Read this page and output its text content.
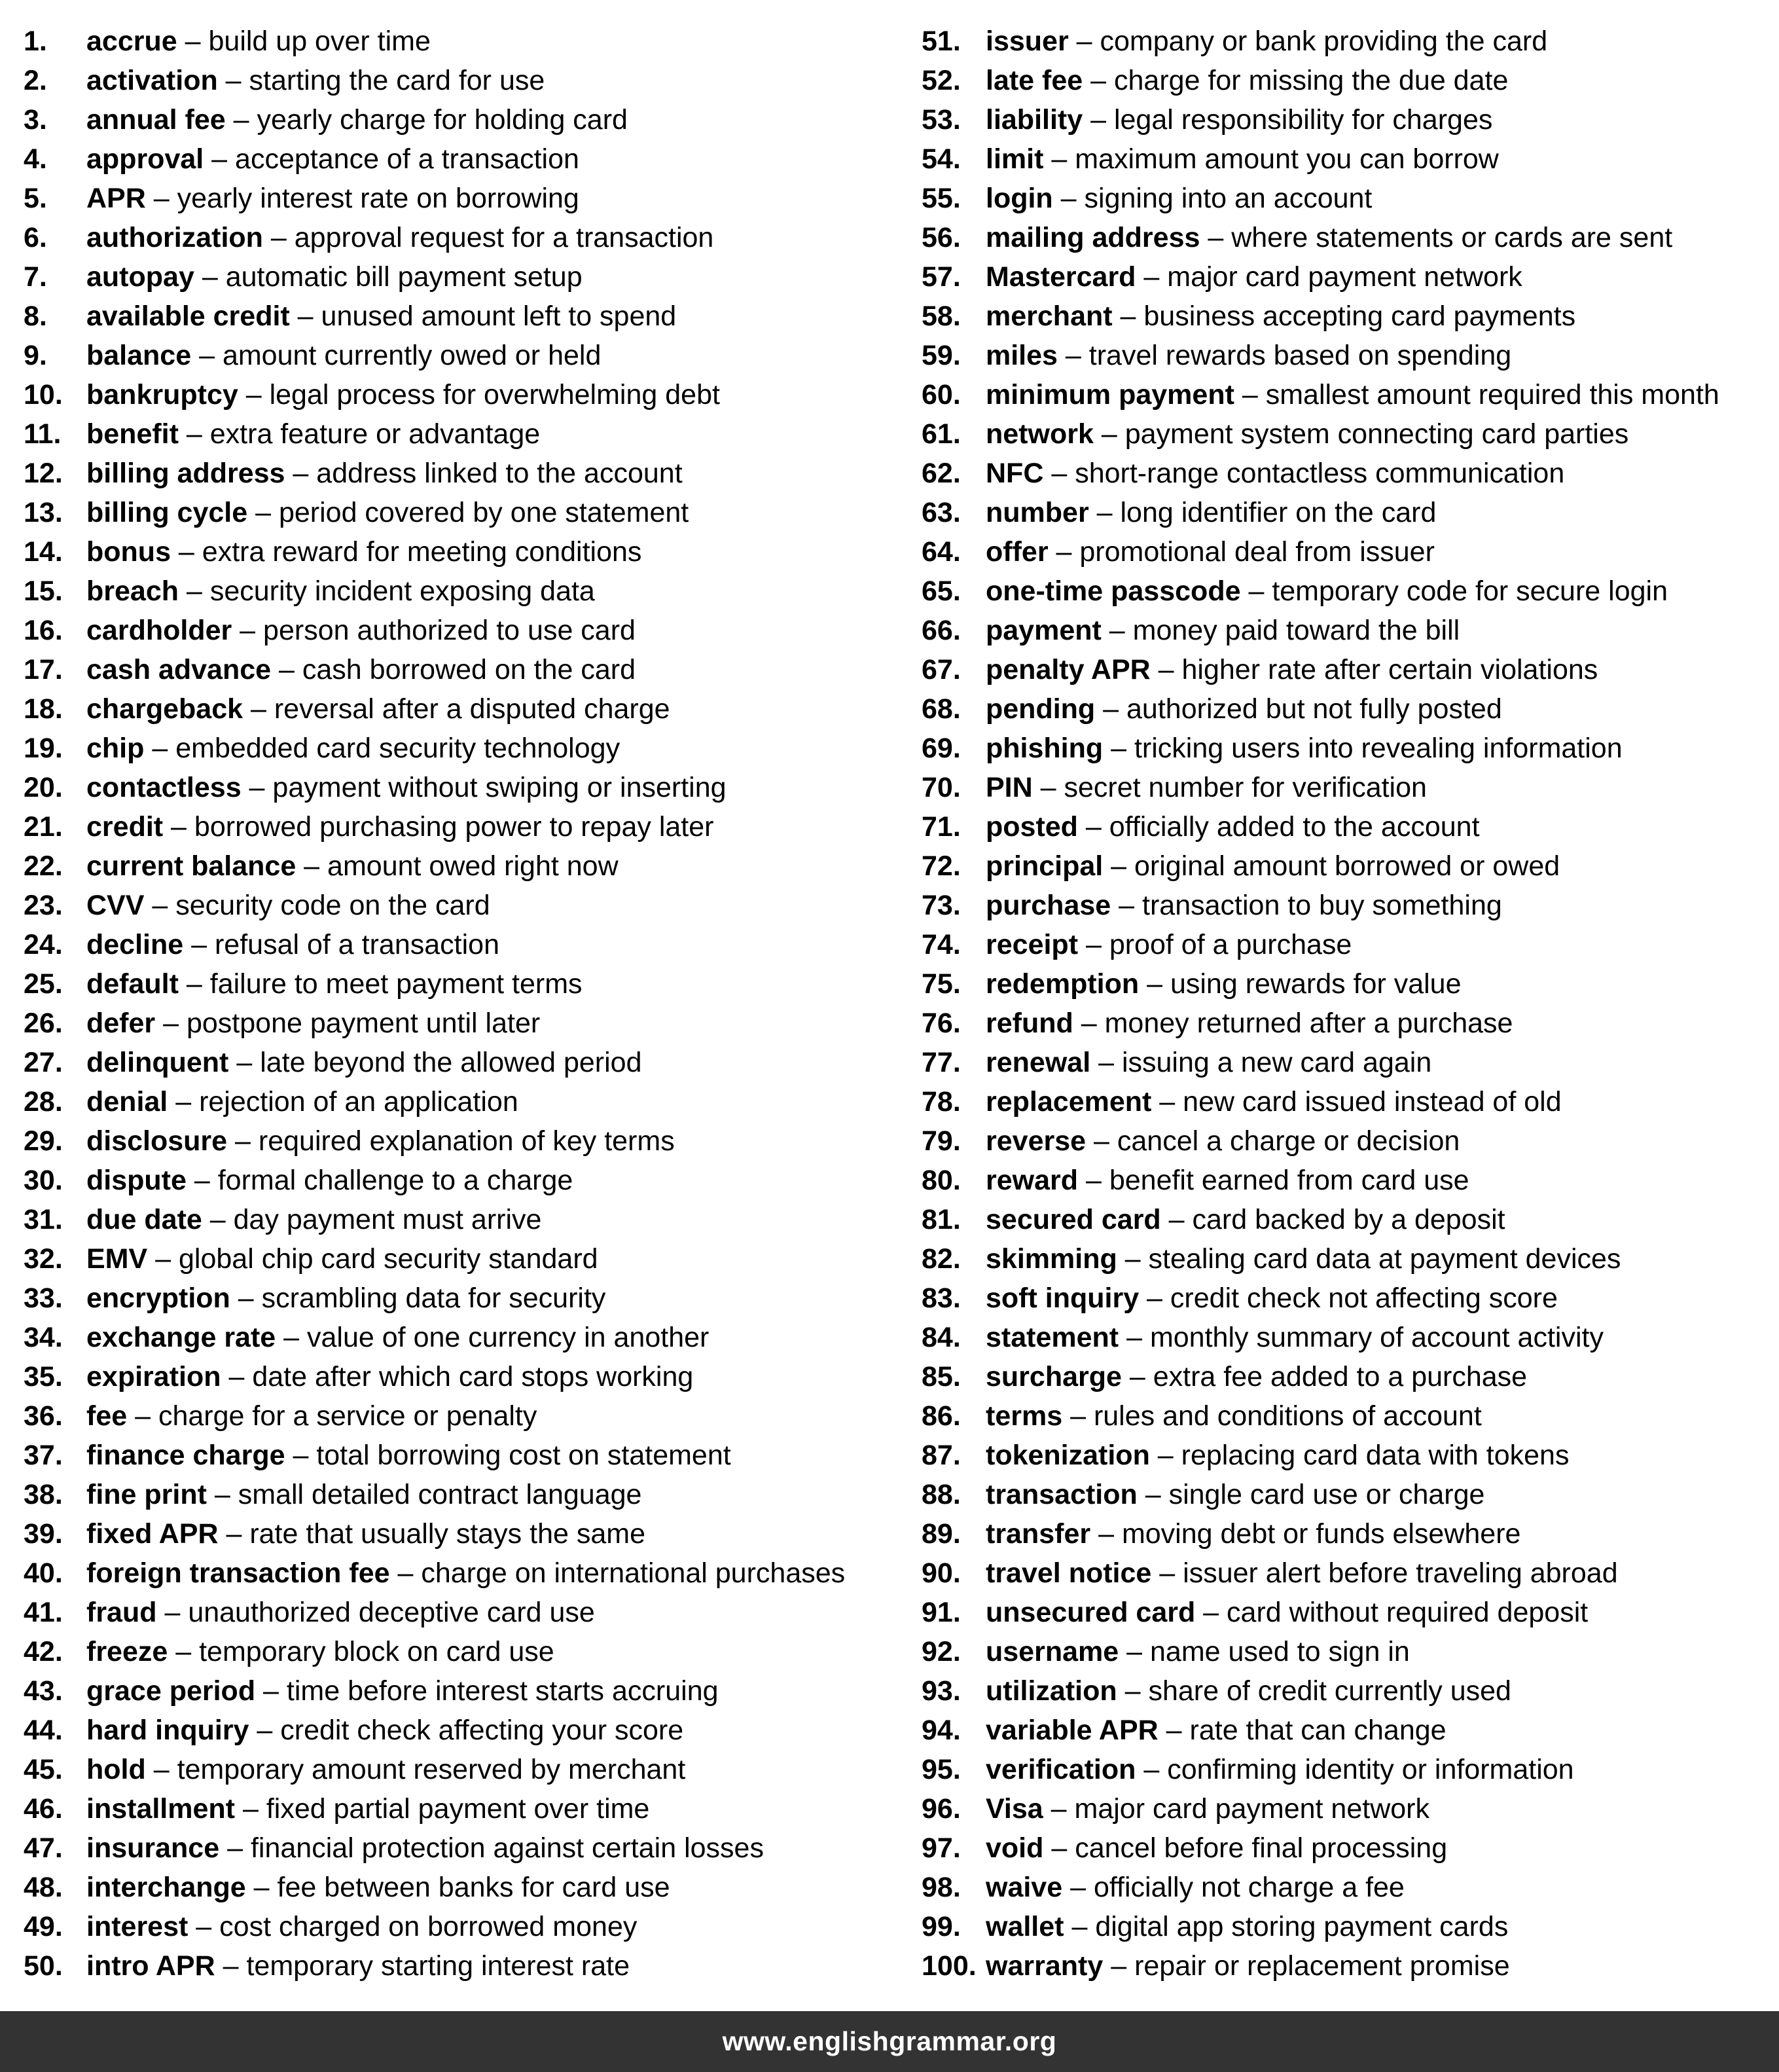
1. accrue – build up over time
2. activation – starting the card for use
3. annual fee – yearly charge for holding card
4. approval – acceptance of a transaction
5. APR – yearly interest rate on borrowing
6. authorization – approval request for a transaction
7. autopay – automatic bill payment setup
8. available credit – unused amount left to spend
9. balance – amount currently owed or held
10. bankruptcy – legal process for overwhelming debt
11. benefit – extra feature or advantage
12. billing address – address linked to the account
13. billing cycle – period covered by one statement
14. bonus – extra reward for meeting conditions
15. breach – security incident exposing data
16. cardholder – person authorized to use card
17. cash advance – cash borrowed on the card
18. chargeback – reversal after a disputed charge
19. chip – embedded card security technology
20. contactless – payment without swiping or inserting
21. credit – borrowed purchasing power to repay later
22. current balance – amount owed right now
23. CVV – security code on the card
24. decline – refusal of a transaction
25. default – failure to meet payment terms
26. defer – postpone payment until later
27. delinquent – late beyond the allowed period
28. denial – rejection of an application
29. disclosure – required explanation of key terms
30. dispute – formal challenge to a charge
31. due date – day payment must arrive
32. EMV – global chip card security standard
33. encryption – scrambling data for security
34. exchange rate – value of one currency in another
35. expiration – date after which card stops working
36. fee – charge for a service or penalty
37. finance charge – total borrowing cost on statement
38. fine print – small detailed contract language
39. fixed APR – rate that usually stays the same
40. foreign transaction fee – charge on international purchases
41. fraud – unauthorized deceptive card use
42. freeze – temporary block on card use
43. grace period – time before interest starts accruing
44. hard inquiry – credit check affecting your score
45. hold – temporary amount reserved by merchant
46. installment – fixed partial payment over time
47. insurance – financial protection against certain losses
48. interchange – fee between banks for card use
49. interest – cost charged on borrowed money
50. intro APR – temporary starting interest rate
51. issuer – company or bank providing the card
52. late fee – charge for missing the due date
53. liability – legal responsibility for charges
54. limit – maximum amount you can borrow
55. login – signing into an account
56. mailing address – where statements or cards are sent
57. Mastercard – major card payment network
58. merchant – business accepting card payments
59. miles – travel rewards based on spending
60. minimum payment – smallest amount required this month
61. network – payment system connecting card parties
62. NFC – short-range contactless communication
63. number – long identifier on the card
64. offer – promotional deal from issuer
65. one-time passcode – temporary code for secure login
66. payment – money paid toward the bill
67. penalty APR – higher rate after certain violations
68. pending – authorized but not fully posted
69. phishing – tricking users into revealing information
70. PIN – secret number for verification
71. posted – officially added to the account
72. principal – original amount borrowed or owed
73. purchase – transaction to buy something
74. receipt – proof of a purchase
75. redemption – using rewards for value
76. refund – money returned after a purchase
77. renewal – issuing a new card again
78. replacement – new card issued instead of old
79. reverse – cancel a charge or decision
80. reward – benefit earned from card use
81. secured card – card backed by a deposit
82. skimming – stealing card data at payment devices
83. soft inquiry – credit check not affecting score
84. statement – monthly summary of account activity
85. surcharge – extra fee added to a purchase
86. terms – rules and conditions of account
87. tokenization – replacing card data with tokens
88. transaction – single card use or charge
89. transfer – moving debt or funds elsewhere
90. travel notice – issuer alert before traveling abroad
91. unsecured card – card without required deposit
92. username – name used to sign in
93. utilization – share of credit currently used
94. variable APR – rate that can change
95. verification – confirming identity or information
96. Visa – major card payment network
97. void – cancel before final processing
98. waive – officially not charge a fee
99. wallet – digital app storing payment cards
100. warranty – repair or replacement promise
www.englishgrammar.org
